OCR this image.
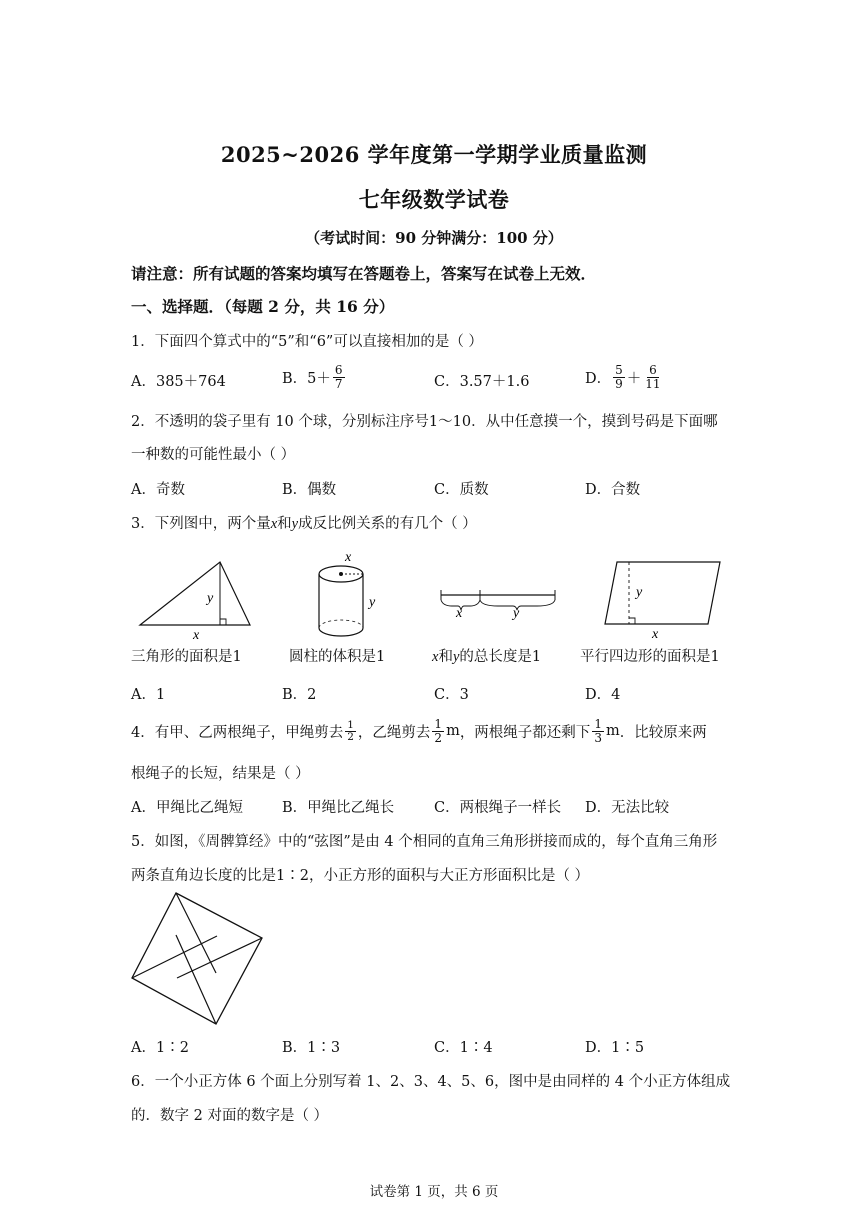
2025~2026 学年度第一学期学业质量监测
七年级数学试卷
（考试时间：90 分钟满分：100 分）
请注意：所有试题的答案均填写在答题卷上，答案写在试卷上无效．
一、选择题．（每题 2 分，共 16 分）
1．下面四个算式中的“5”和“6”可以直接相加的是（ ）
A．385＋764	B． $5+ \frac{6}{7}$	C．3.57＋1.6	D． $\frac{5}{9} + \frac{6}{11}$
2．不透明的袋子里有 10 个球，分别标注序号1～10．从中任意摸一个，摸到号码是下面哪
一种数的可能性最小（ ）
A．奇数	B．偶数	C．质数	D．合数
3．下列图中，两个量x和y成反比例关系的有几个（ ）
y
x
x
y
x	y
y
x
三角形的面积是1	圆柱的体积是1	x和y的总长度是1	平行四边形的面积是1
A．1	B．2	C．3	D．4
4．有甲、乙两根绳子，甲绳剪去 $\frac{1}{2}$ ，乙绳剪去 $\frac{1}{2}$ m ，两根绳子都还剩下 $\frac{1}{3}$ m ．比较原来两
根绳子的长短，结果是（ ）
A．甲绳比乙绳短	B．甲绳比乙绳长	C．两根绳子一样长 D．无法比较
5．如图，《周髀算经》中的“弦图”是由 4 个相同的直角三角形拼接而成的，每个直角三角形
两条直角边长度的比是1∶2，小正方形的面积与大正方形面积比是（ ）
A．1∶2	B．1∶3	C．1∶4	D．1∶5
6．一个小正方体 6 个面上分别写着 1、2、3、4、5、6，图中是由同样的 4 个小正方体组成
的．数字 2 对面的数字是（ ）
试卷第 1 页，共 6 页
